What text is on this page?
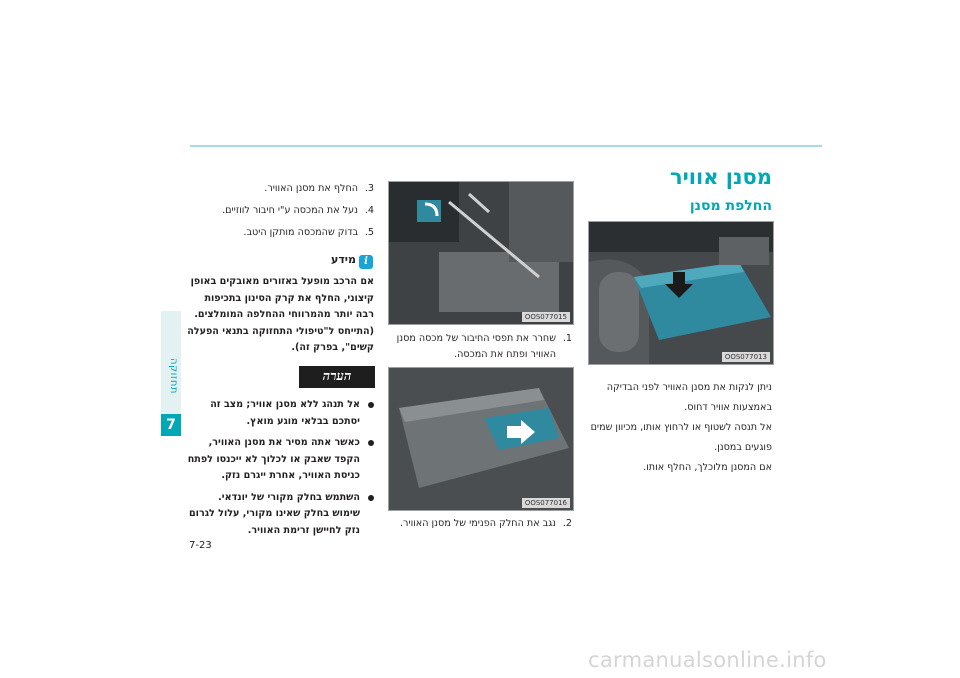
תחזוקה
7
מסנן אוויר
החלפת מסנן
OOS077013
ניתן לנקות את מסנן האוויר לפני הבדיקה
באמצעות אוויר דחוס.
אל תנסה לשטוף או לרחוץ אותו, מכיוון שמים
פוגעים במסנן.
אם המסנן מלוכלך, החלף אותו.
OOS077015
1.שחרר את תפסי החיבור של מכסה מסנן
האוויר ופתח את המכסה.
OOS077016
2.נגב את החלק הפנימי של מסנן האוויר.
3.החלף את מסנן האוויר.
4.נעל את המכסה ע"י חיבור לווזיים.
5.בדוק שהמכסה מותקן היטב.
i
מידע
אם הרכב מופעל באזורים מאובקים באופן
קיצוני, החלף את קרק הסינון בתכיפות
רבה יותר מהמרווחי ההחלפה המומלצים.
(התייחס ל"טיפולי התחזוקה בתנאי הפעלה
קשים", בפרק זה).
הערה
אל תנהג ללא מסנן אוויר; מצב זה
יסתכם בבלאי מוגע מואץ.
כאשר אתה מסיר את מסנן האוויר,
הקפד שאבק או לכלוך לא ייכנסו לפתח
כניסת האוויר, אחרת ייגרם נזק.
השתמש בחלק מקורי של יונדאי.
שימוש בחלק שאינו מקורי, עלול לגרום
נזק לחיישן זרימת האוויר.
7-23
carmanualsonline.info
